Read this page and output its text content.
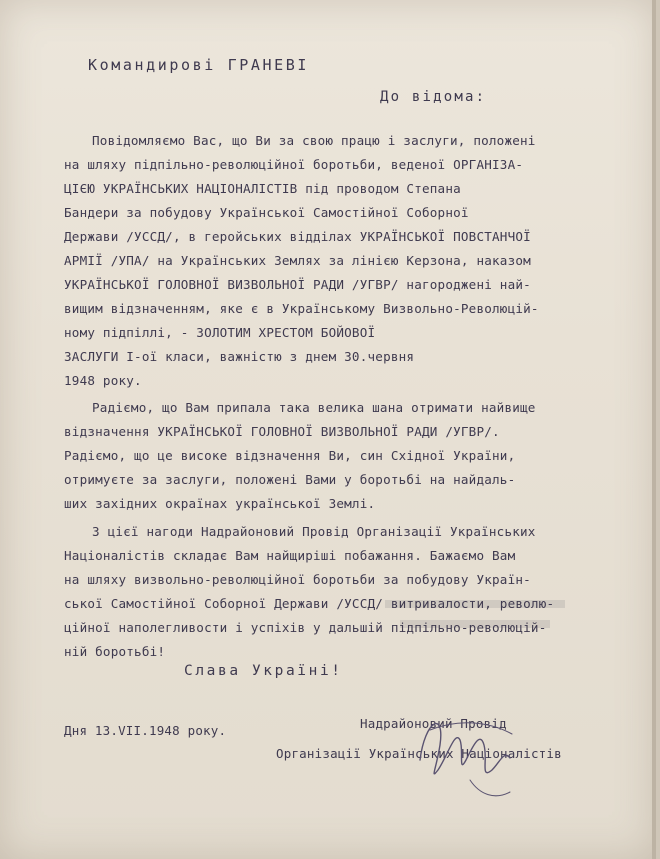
Командирові ГРАНЕВІ
До відома:
Повідомляємо Вас, що Ви за свою працю і заслуги, положені
на шляху підпільно-революційної боротьби, веденої ОРГАНІЗА-
ЦІЄЮ УКРАЇНСЬКИХ НАЦІОНАЛІСТІВ під проводом Степана
Бандери за побудову Української Самостійної Соборної
Держави /УССД/, в геройських відділах УКРАЇНСЬКОЇ ПОВСТАНЧОЇ
АРМІЇ /УПА/ на Українських Землях за лінією Керзона, наказом
УКРАЇНСЬКОЇ ГОЛОВНОЇ ВИЗВОЛЬНОЇ РАДИ /УГВР/ нагороджені най-
вищим відзначенням, яке є в Українському Визвольно-Революцій-
ному підпіллі, - ЗОЛОТИМ ХРЕСТОМ БОЙОВОЇ
ЗАСЛУГИ І-ої класи, важністю з днем 30.червня
1948 року.
Радіємо, що Вам припала така велика шана отримати найвище
відзначення УКРАЇНСЬКОЇ ГОЛОВНОЇ ВИЗВОЛЬНОЇ РАДИ /УГВР/.
Радіємо, що це високе відзначення Ви, син Східної України,
отримуєте за заслуги, положені Вами у боротьбі на найдаль-
ших західних окраїнах української Землі.
З цієї нагоди Надрайоновий Провід Організації Українських
Націоналістів складає Вам найщиріші побажання. Бажаємо Вам
на шляху визвольно-революційної боротьби за побудову Україн-
ської Самостійної Соборної Держави /УССД/ витривалости, револю-
ційної наполегливости і успіхів у дальшій підпільно-революцій-
ній боротьбі!
Слава Україні!
Дня 13.VII.1948 року.	Надрайоновий Провід
Організації Українських Націоналістів
